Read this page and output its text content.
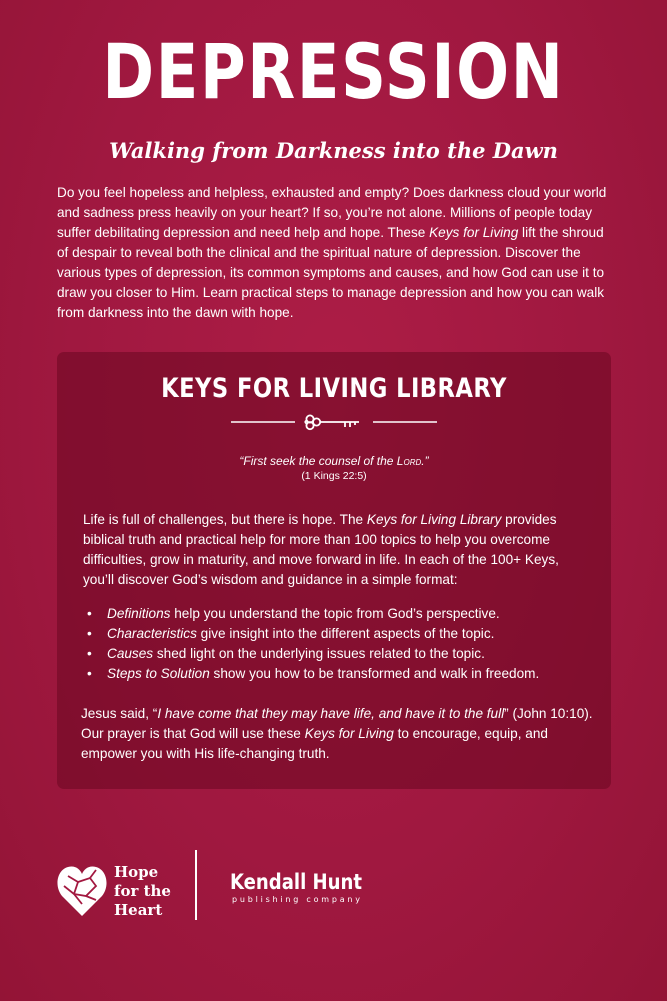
DEPRESSION
Walking from Darkness into the Dawn
Do you feel hopeless and helpless, exhausted and empty? Does darkness cloud your world and sadness press heavily on your heart? If so, you’re not alone. Millions of people today suffer debilitating depression and need help and hope. These Keys for Living lift the shroud of despair to reveal both the clinical and the spiritual nature of depression. Discover the various types of depression, its common symptoms and causes, and how God can use it to draw you closer to Him. Learn practical steps to manage depression and how you can walk from darkness into the dawn with hope.
KEYS FOR LIVING LIBRARY
“First seek the counsel of the Lord.”
(1 Kings 22:5)

Life is full of challenges, but there is hope. The Keys for Living Library provides biblical truth and practical help for more than 100 topics to help you overcome difficulties, grow in maturity, and move forward in life. In each of the 100+ Keys, you’ll discover God’s wisdom and guidance in a simple format:

• Definitions help you understand the topic from God’s perspective.
• Characteristics give insight into the different aspects of the topic.
• Causes shed light on the underlying issues related to the topic.
• Steps to Solution show you how to be transformed and walk in freedom.
Jesus said, “I have come that they may have life, and have it to the full” (John 10:10). Our prayer is that God will use these Keys for Living to encourage, equip, and empower you with His life-changing truth.
Hope
for the
Heart
Kendall Hunt
publishing company
